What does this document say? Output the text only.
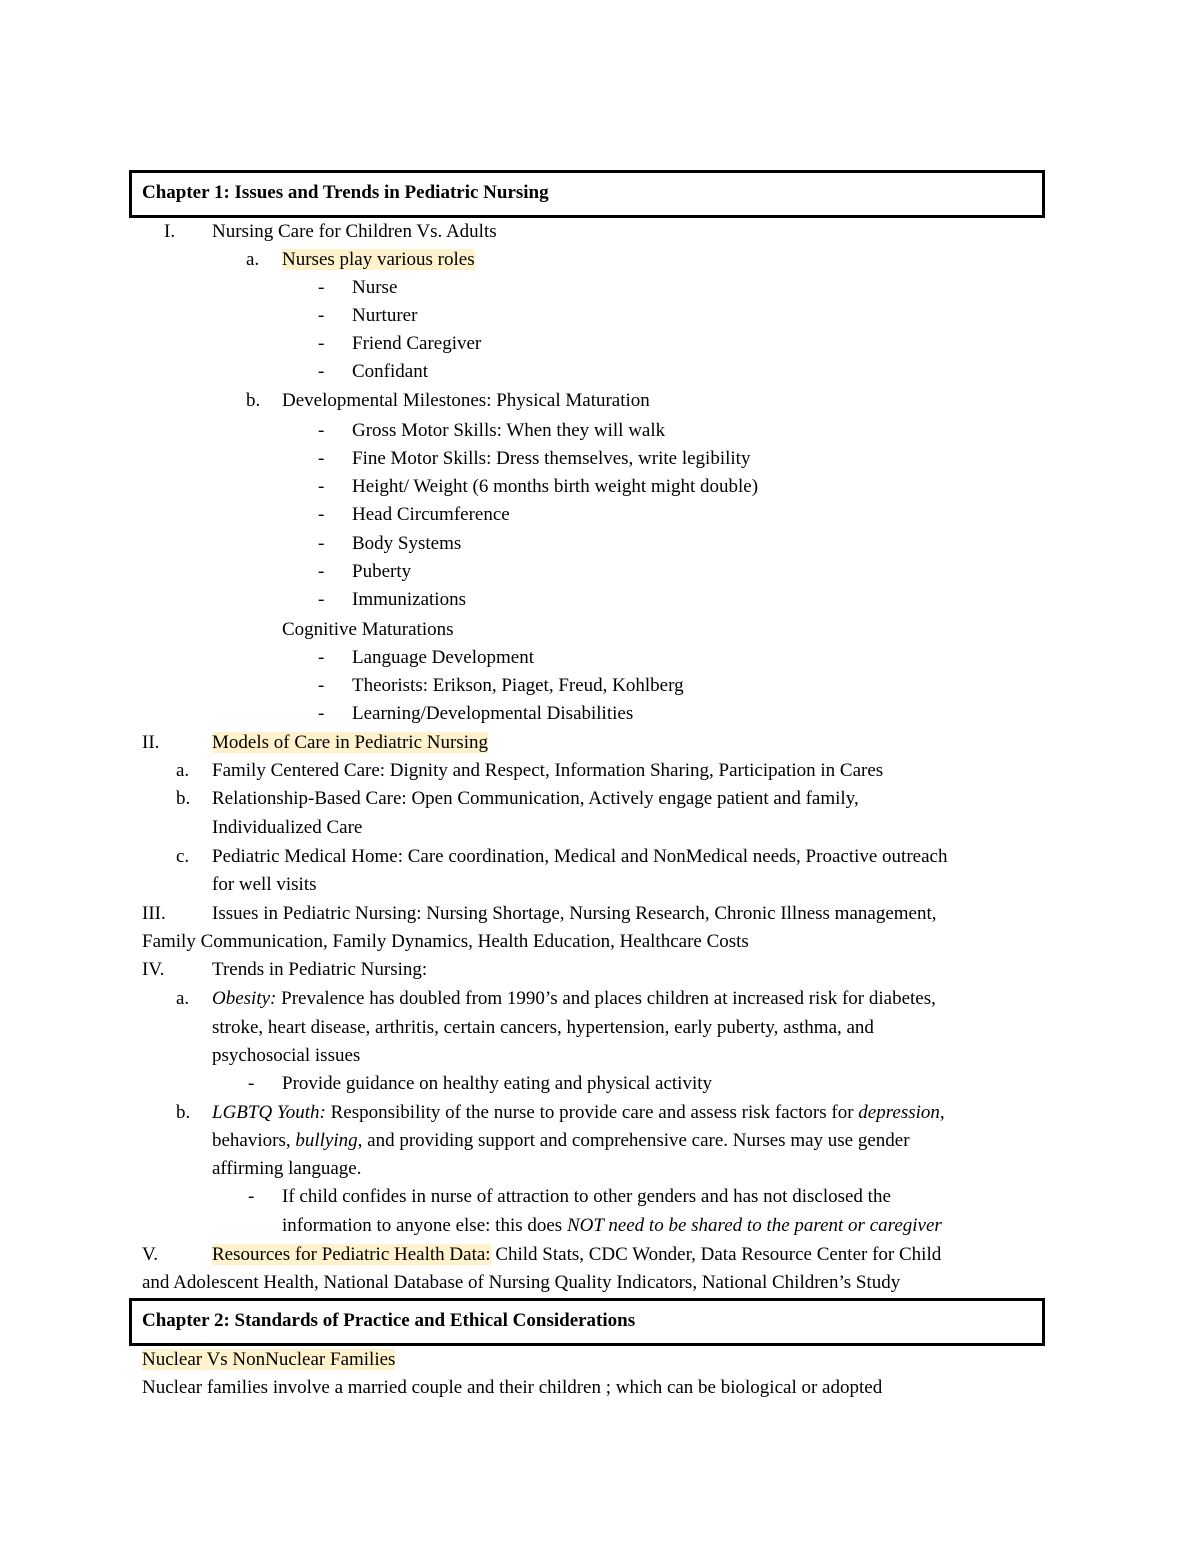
Chapter 1: Issues and Trends in Pediatric Nursing
I. Nursing Care for Children Vs. Adults
a. Nurses play various roles
- Nurse
- Nurturer
- Friend Caregiver
- Confidant
b. Developmental Milestones: Physical Maturation
- Gross Motor Skills: When they will walk
- Fine Motor Skills: Dress themselves, write legibility
- Height/ Weight (6 months birth weight might double)
- Head Circumference
- Body Systems
- Puberty
- Immunizations
Cognitive Maturations
- Language Development
- Theorists: Erikson, Piaget, Freud, Kohlberg
- Learning/Developmental Disabilities
II.	Models of Care in Pediatric Nursing
a. Family Centered Care: Dignity and Respect, Information Sharing, Participation in Cares
b. Relationship-Based Care: Open Communication, Actively engage patient and family,
Individualized Care
c. Pediatric Medical Home: Care coordination, Medical and NonMedical needs, Proactive outreach
for well visits
III. Issues in Pediatric Nursing: Nursing Shortage, Nursing Research, Chronic Illness management,
Family Communication, Family Dynamics, Health Education, Healthcare Costs
IV.	Trends in Pediatric Nursing:
a. Obesity: Prevalence has doubled from 1990’s and places children at increased risk for diabetes,
stroke, heart disease, arthritis, certain cancers, hypertension, early puberty, asthma, and
psychosocial issues
- Provide guidance on healthy eating and physical activity
b. LGBTQ Youth: Responsibility of the nurse to provide care and assess risk factors for depression,
behaviors, bullying, and providing support and comprehensive care. Nurses may use gender
affirming language.
- If child confides in nurse of attraction to other genders and has not disclosed the
information to anyone else: this does NOT need to be shared to the parent or caregiver
V.	Resources for Pediatric Health Data: Child Stats, CDC Wonder, Data Resource Center for Child
and Adolescent Health, National Database of Nursing Quality Indicators, National Children’s Study
Chapter 2: Standards of Practice and Ethical Considerations
Nuclear Vs NonNuclear Families
Nuclear families involve a married couple and their children ; which can be biological or adopted
